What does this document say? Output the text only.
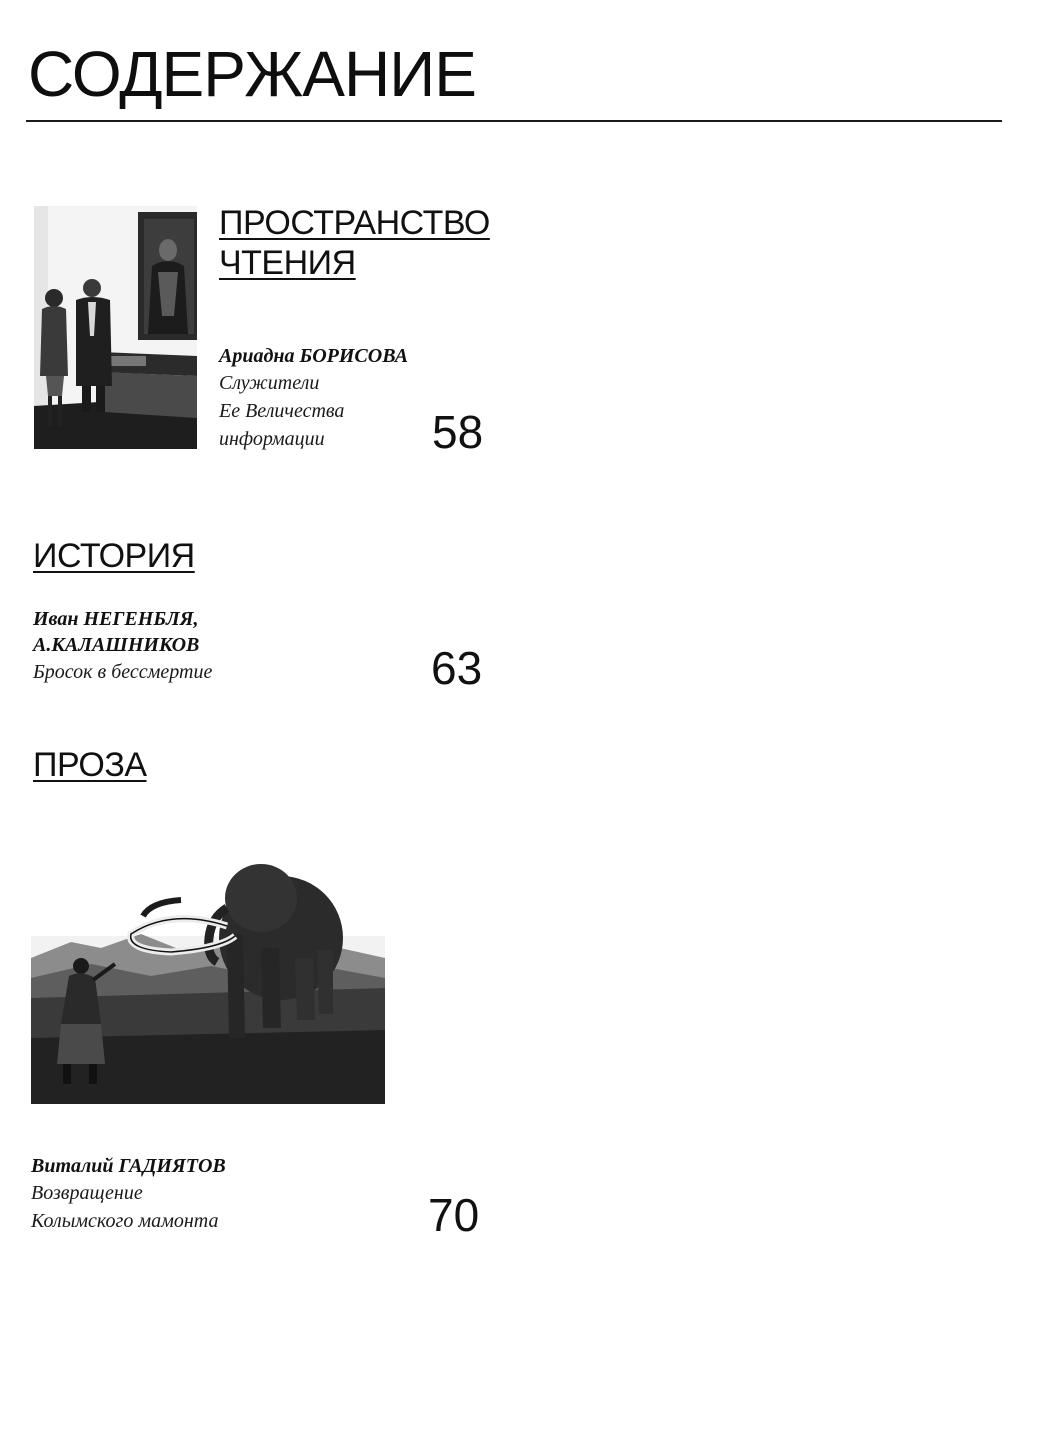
СОДЕРЖАНИЕ
ПРОСТРАНСТВО
ЧТЕНИЯ
Ариадна БОРИСОВА
Служители
Ее Величества
информации	58
ИСТОРИЯ
Иван НЕГЕНБЛЯ,
А.КАЛАШНИКОВ
Бросок в бессмертие	63
ПРОЗА
Виталий ГАДИЯТОВ
Возвращение
Колымского мамонта	70
